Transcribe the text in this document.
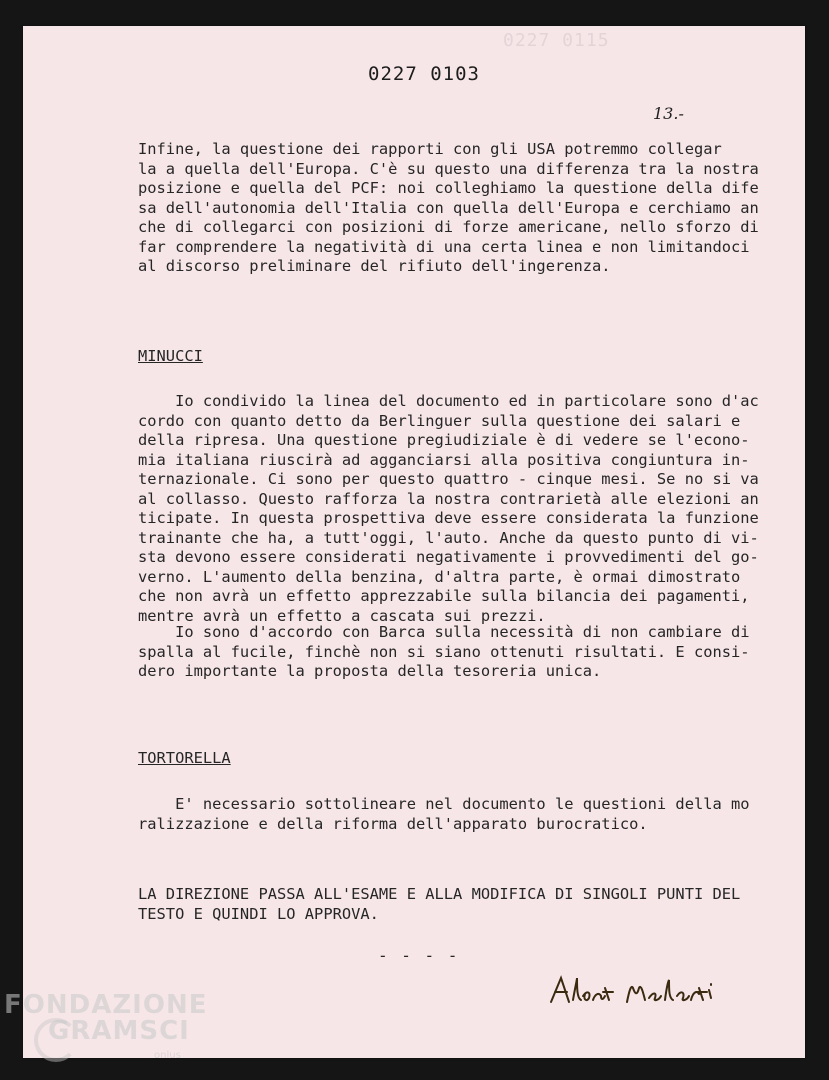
0227 0115

0227 0103

13.-

Infine, la questione dei rapporti con gli USA potremmo collegar
la a quella dell'Europa. C'è su questo una differenza tra la nostra
posizione e quella del PCF: noi colleghiamo la questione della dife
sa dell'autonomia dell'Italia con quella dell'Europa e cerchiamo an
che di collegarci con posizioni di forze americane, nello sforzo di
far comprendere la negatività di una certa linea e non limitandoci
al discorso preliminare del rifiuto dell'ingerenza.

MINUCCI

Io condivido la linea del documento ed in particolare sono d'ac
cordo con quanto detto da Berlinguer sulla questione dei salari e
della ripresa. Una questione pregiudiziale è di vedere se l'econo-
mia italiana riuscirà ad agganciarsi alla positiva congiuntura in-
ternazionale. Ci sono per questo quattro - cinque mesi. Se no si va
al collasso. Questo rafforza la nostra contrarietà alle elezioni an
ticipate. In questa prospettiva deve essere considerata la funzione
trainante che ha, a tutt'oggi, l'auto. Anche da questo punto di vi-
sta devono essere considerati negativamente i provvedimenti del go-
verno. L'aumento della benzina, d'altra parte, è ormai dimostrato
che non avrà un effetto apprezzabile sulla bilancia dei pagamenti,
mentre avrà un effetto a cascata sui prezzi.

Io sono d'accordo con Barca sulla necessità di non cambiare di
spalla al fucile, finchè non si siano ottenuti risultati. E consi-
dero importante la proposta della tesoreria unica.

TORTORELLA

E' necessario sottolineare nel documento le questioni della mo
ralizzazione e della riforma dell'apparato burocratico.

LA DIREZIONE PASSA ALL'ESAME E ALLA MODIFICA DI SINGOLI PUNTI DEL
TESTO E QUINDI LO APPROVA.

- - - -
FONDAZIONE
GRAMSCI
onlus
